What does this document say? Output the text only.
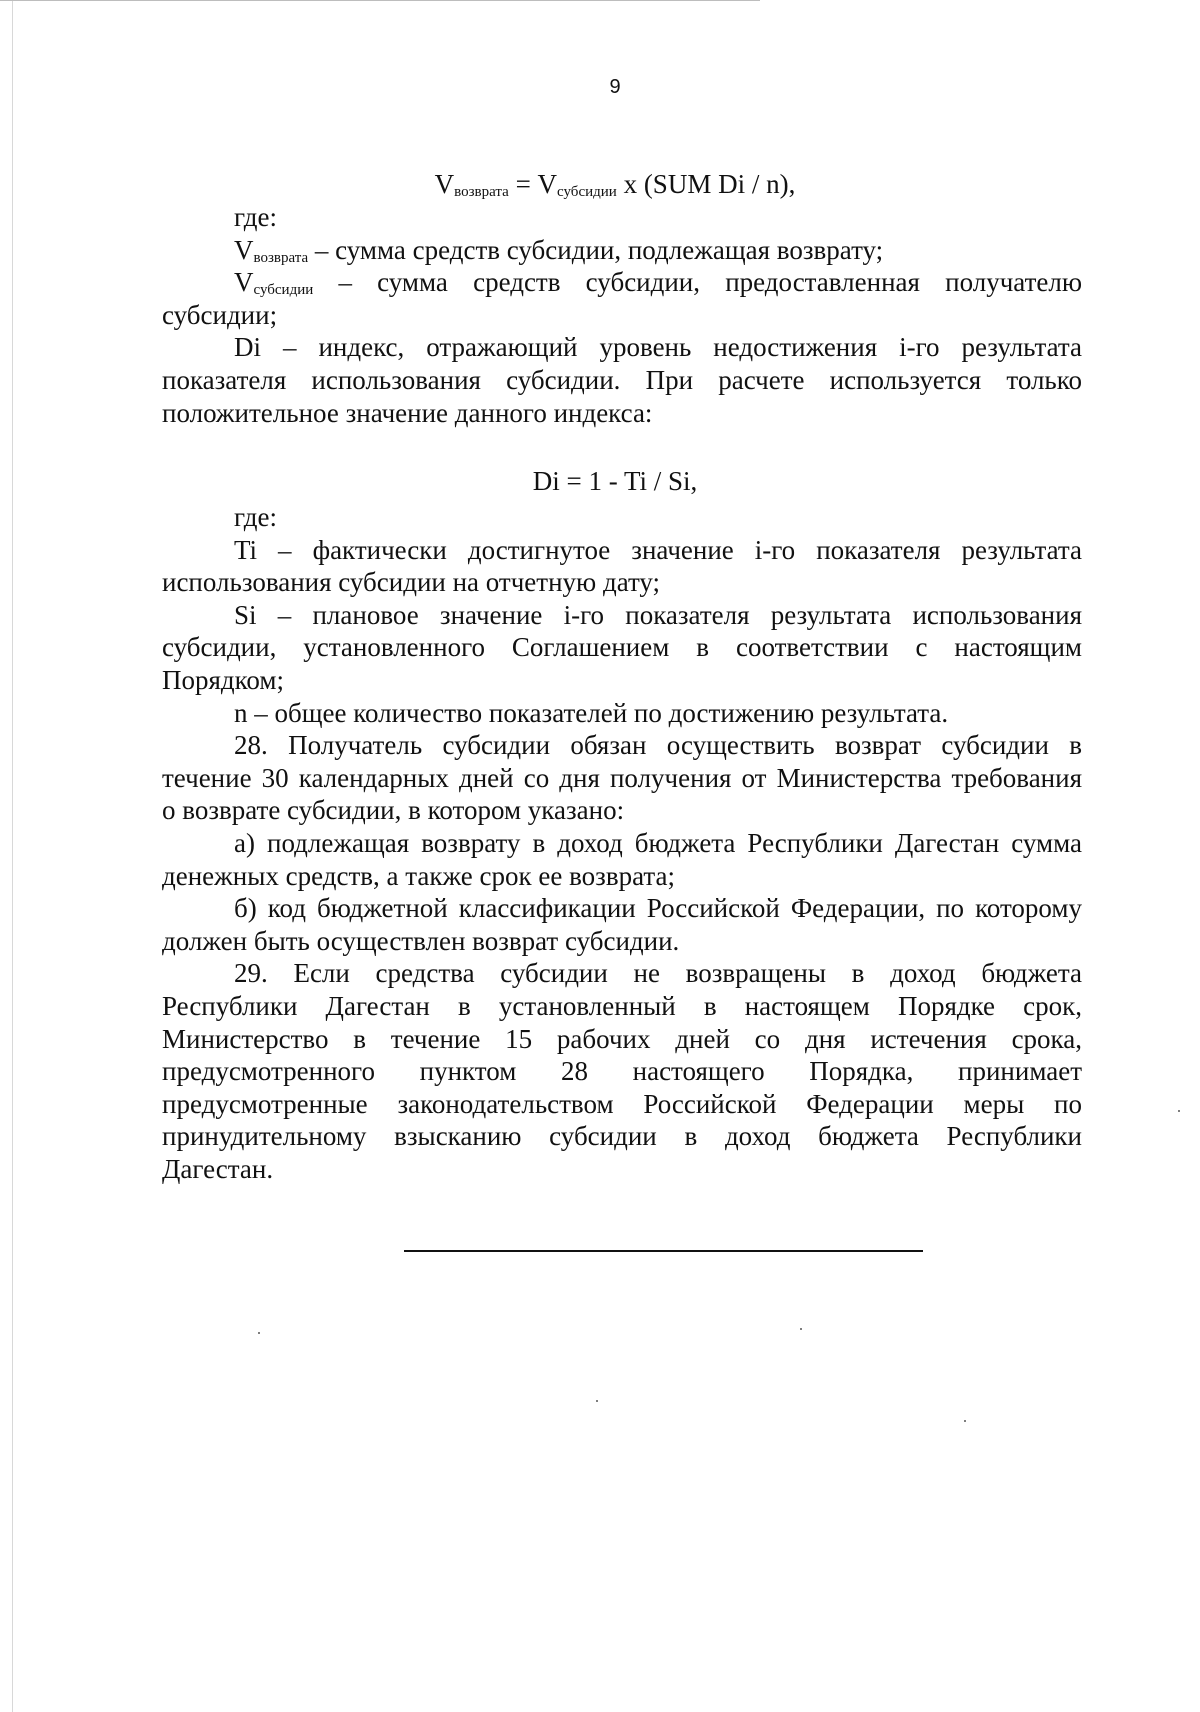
9
$V_{возврата} = V_{субсидии}$ x (SUM Di / n),
где:
$V_{возврата}$ – сумма средств субсидии, подлежащая возврату;
$V_{субсидии}$ – сумма средств субсидии, предоставленная получателю
субсидии;
Di – индекс, отражающий уровень недостижения i-го результата
показателя использования субсидии. При расчете используется только
положительное значение данного индекса:
Di = 1 - Ti / Si,
где:
Ti – фактически достигнутое значение i-го показателя результата
использования субсидии на отчетную дату;
Si – плановое значение i-го показателя результата использования
субсидии, установленного Соглашением в соответствии с настоящим
Порядком;
n – общее количество показателей по достижению результата.
28. Получатель субсидии обязан осуществить возврат субсидии в
течение 30 календарных дней со дня получения от Министерства требования
о возврате субсидии, в котором указано:
а) подлежащая возврату в доход бюджета Республики Дагестан сумма
денежных средств, а также срок ее возврата;
б) код бюджетной классификации Российской Федерации, по которому
должен быть осуществлен возврат субсидии.
29. Если средства субсидии не возвращены в доход бюджета
Республики Дагестан в установленный в настоящем Порядке срок,
Министерство в течение 15 рабочих дней со дня истечения срока,
предусмотренного пунктом 28 настоящего Порядка, принимает
предусмотренные законодательством Российской Федерации меры по
принудительному взысканию субсидии в доход бюджета Республики
Дагестан.
